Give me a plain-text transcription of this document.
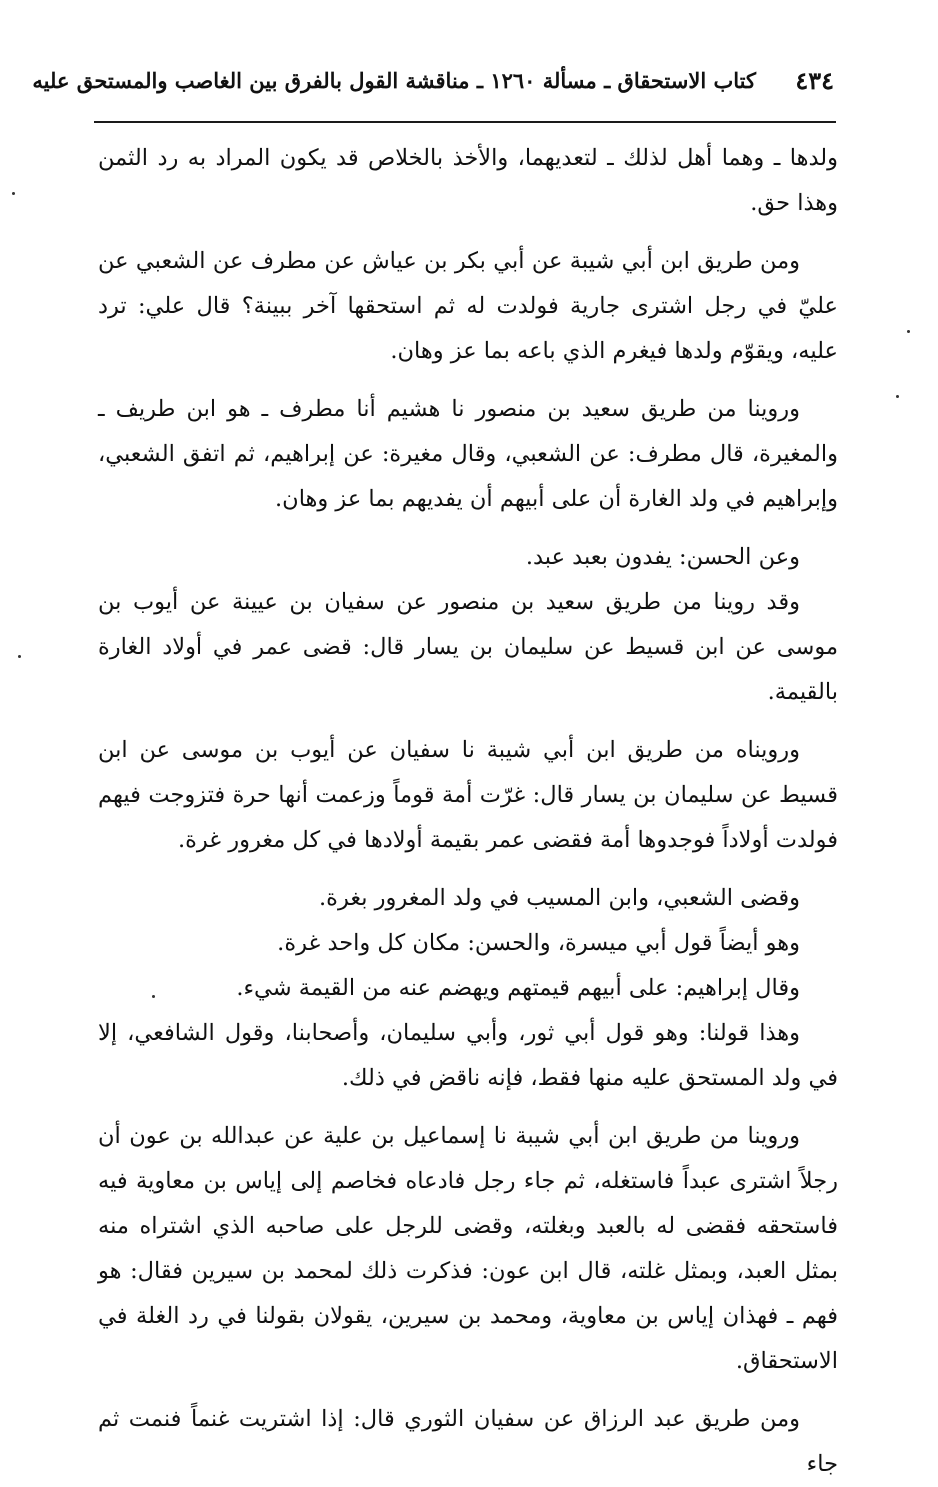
٤٣٤
كتاب الاستحقاق ـ مسألة ١٢٦٠ ـ مناقشة القول بالفرق بين الغاصب والمستحق عليه

ولدها ـ وهما أهل لذلك ـ لتعديهما، والأخذ بالخلاص قد يكون المراد به رد الثمن وهذا حق.

ومن طريق ابن أبي شيبة عن أبي بكر بن عياش عن مطرف عن الشعبي عن عليّ في رجل اشترى جارية فولدت له ثم استحقها آخر ببينة؟ قال علي: ترد عليه، ويقوّم ولدها فيغرم الذي باعه بما عز وهان.

وروينا من طريق سعيد بن منصور نا هشيم أنا مطرف ـ هو ابن طريف ـ والمغيرة، قال مطرف: عن الشعبي، وقال مغيرة: عن إبراهيم، ثم اتفق الشعبي، وإبراهيم في ولد الغارة أن على أبيهم أن يفديهم بما عز وهان.

وعن الحسن: يفدون بعبد عبد.

وقد روينا من طريق سعيد بن منصور عن سفيان بن عيينة عن أيوب بن موسى عن ابن قسيط عن سليمان بن يسار قال: قضى عمر في أولاد الغارة بالقيمة.

ورويناه من طريق ابن أبي شيبة نا سفيان عن أيوب بن موسى عن ابن قسيط عن سليمان بن يسار قال: غرّت أمة قوماً وزعمت أنها حرة فتزوجت فيهم فولدت أولاداً فوجدوها أمة فقضى عمر بقيمة أولادها في كل مغرور غرة.

وقضى الشعبي، وابن المسيب في ولد المغرور بغرة.

وهو أيضاً قول أبي ميسرة، والحسن: مكان كل واحد غرة.

وقال إبراهيم: على أبيهم قيمتهم ويهضم عنه من القيمة شيء.

وهذا قولنا: وهو قول أبي ثور، وأبي سليمان، وأصحابنا، وقول الشافعي، إلا في ولد المستحق عليه منها فقط، فإنه ناقض في ذلك.

وروينا من طريق ابن أبي شيبة نا إسماعيل بن علية عن عبدالله بن عون أن رجلاً اشترى عبداً فاستغله، ثم جاء رجل فادعاه فخاصم إلى إياس بن معاوية فيه فاستحقه فقضى له بالعبد وبغلته، وقضى للرجل على صاحبه الذي اشتراه منه بمثل العبد، وبمثل غلته، قال ابن عون: فذكرت ذلك لمحمد بن سيرين فقال: هو فهم ـ فهذان إياس بن معاوية، ومحمد بن سيرين، يقولان بقولنا في رد الغلة في الاستحقاق.

ومن طريق عبد الرزاق عن سفيان الثوري قال: إذا اشتريت غنماً فنمت ثم جاء
